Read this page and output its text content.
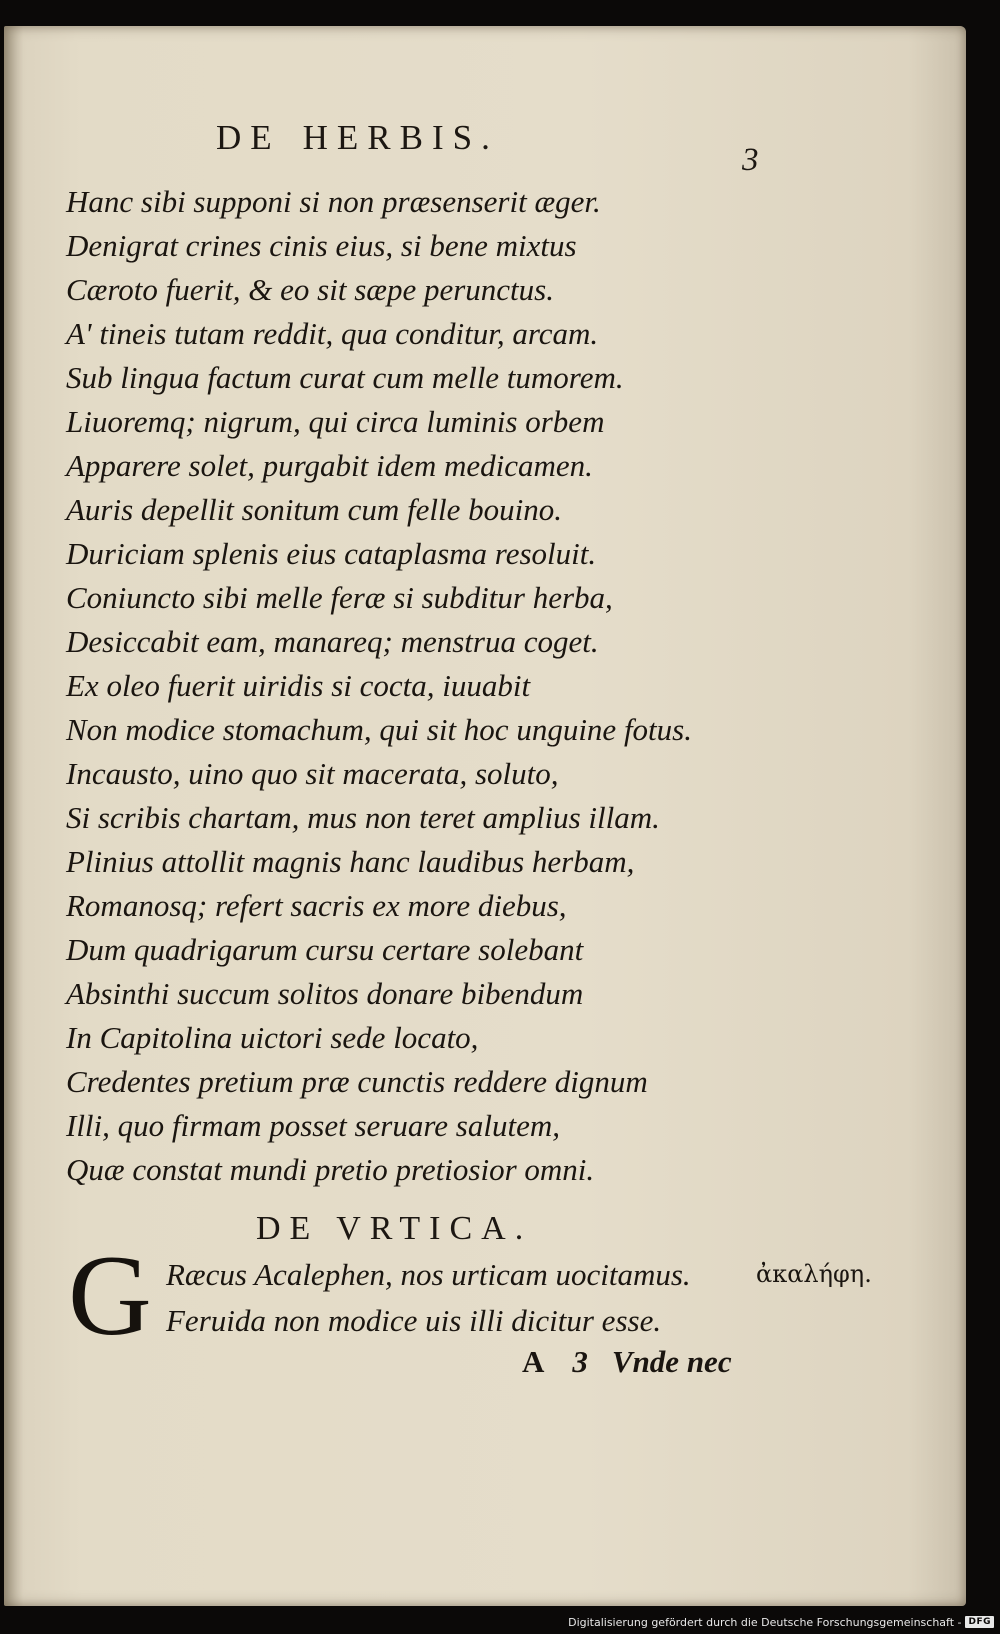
DE HERBIS.
3
Hanc sibi supponi si non præsenserit æger.
Denigrat crines cinis eius, si bene mixtus
Cæroto fuerit, & eo sit sæpe perunctus.
A' tineis tutam reddit, qua conditur, arcam.
Sub lingua factum curat cum melle tumorem.
Liuoremq; nigrum, qui circa luminis orbem
Apparere solet, purgabit idem medicamen.
Auris depellit sonitum cum felle bouino.
Duriciam splenis eius cataplasma resoluit.
Coniuncto sibi melle feræ si subditur herba,
Desiccabit eam, manareq; menstrua coget.
Ex oleo fuerit uiridis si cocta, iuuabit
Non modice stomachum, qui sit hoc unguine fotus.
Incausto, uino quo sit macerata, soluto,
Si scribis chartam, mus non teret amplius illam.
Plinius attollit magnis hanc laudibus herbam,
Romanosq; refert sacris ex more diebus,
Dum quadrigarum cursu certare solebant
Absinthi succum solitos donare bibendum
In Capitolina uictori sede locato,
Credentes pretium præ cunctis reddere dignum
Illi, quo firmam posset seruare salutem,
Quæ constat mundi pretio pretiosior omni.
DE VRTICA.
G Ræcus Acalephen, nos urticam uocitamus.
Feruida non modice uis illi dicitur esse.
ἀκαλήφη.
A 3 Vnde nec
Digitalisierung gefördert durch die Deutsche Forschungsgemeinschaft - DFG
